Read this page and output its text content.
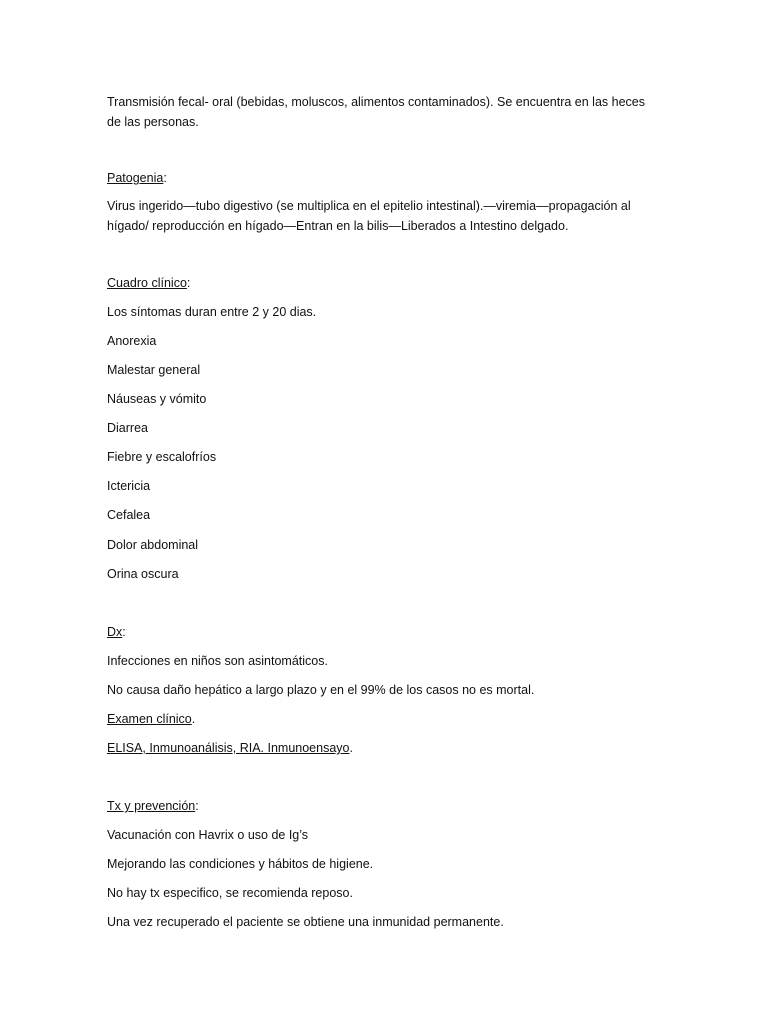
Transmisión fecal- oral (bebidas, moluscos, alimentos contaminados). Se encuentra en las heces
de las personas.

Patogenia:

Virus ingerido—tubo digestivo (se multiplica en el epitelio intestinal).—viremia—propagación al
hígado/ reproducción en hígado—Entran en la bilis—Liberados a Intestino delgado.

Cuadro clínico:

Los síntomas duran entre 2 y 20 dias.

Anorexia

Malestar general

Náuseas y vómito

Diarrea

Fiebre y escalofríos

Ictericia

Cefalea

Dolor abdominal

Orina oscura

Dx:

Infecciones en niños son asintomáticos.

No causa daño hepático a largo plazo y en el 99% de los casos no es mortal.

Examen clínico.

ELISA, Inmunoanálisis, RIA. Inmunoensayo.

Tx y prevención:

Vacunación con Havrix o uso de Ig’s

Mejorando las condiciones y hábitos de higiene.

No hay tx especifico, se recomienda reposo.

Una vez recuperado el paciente se obtiene una inmunidad permanente.
